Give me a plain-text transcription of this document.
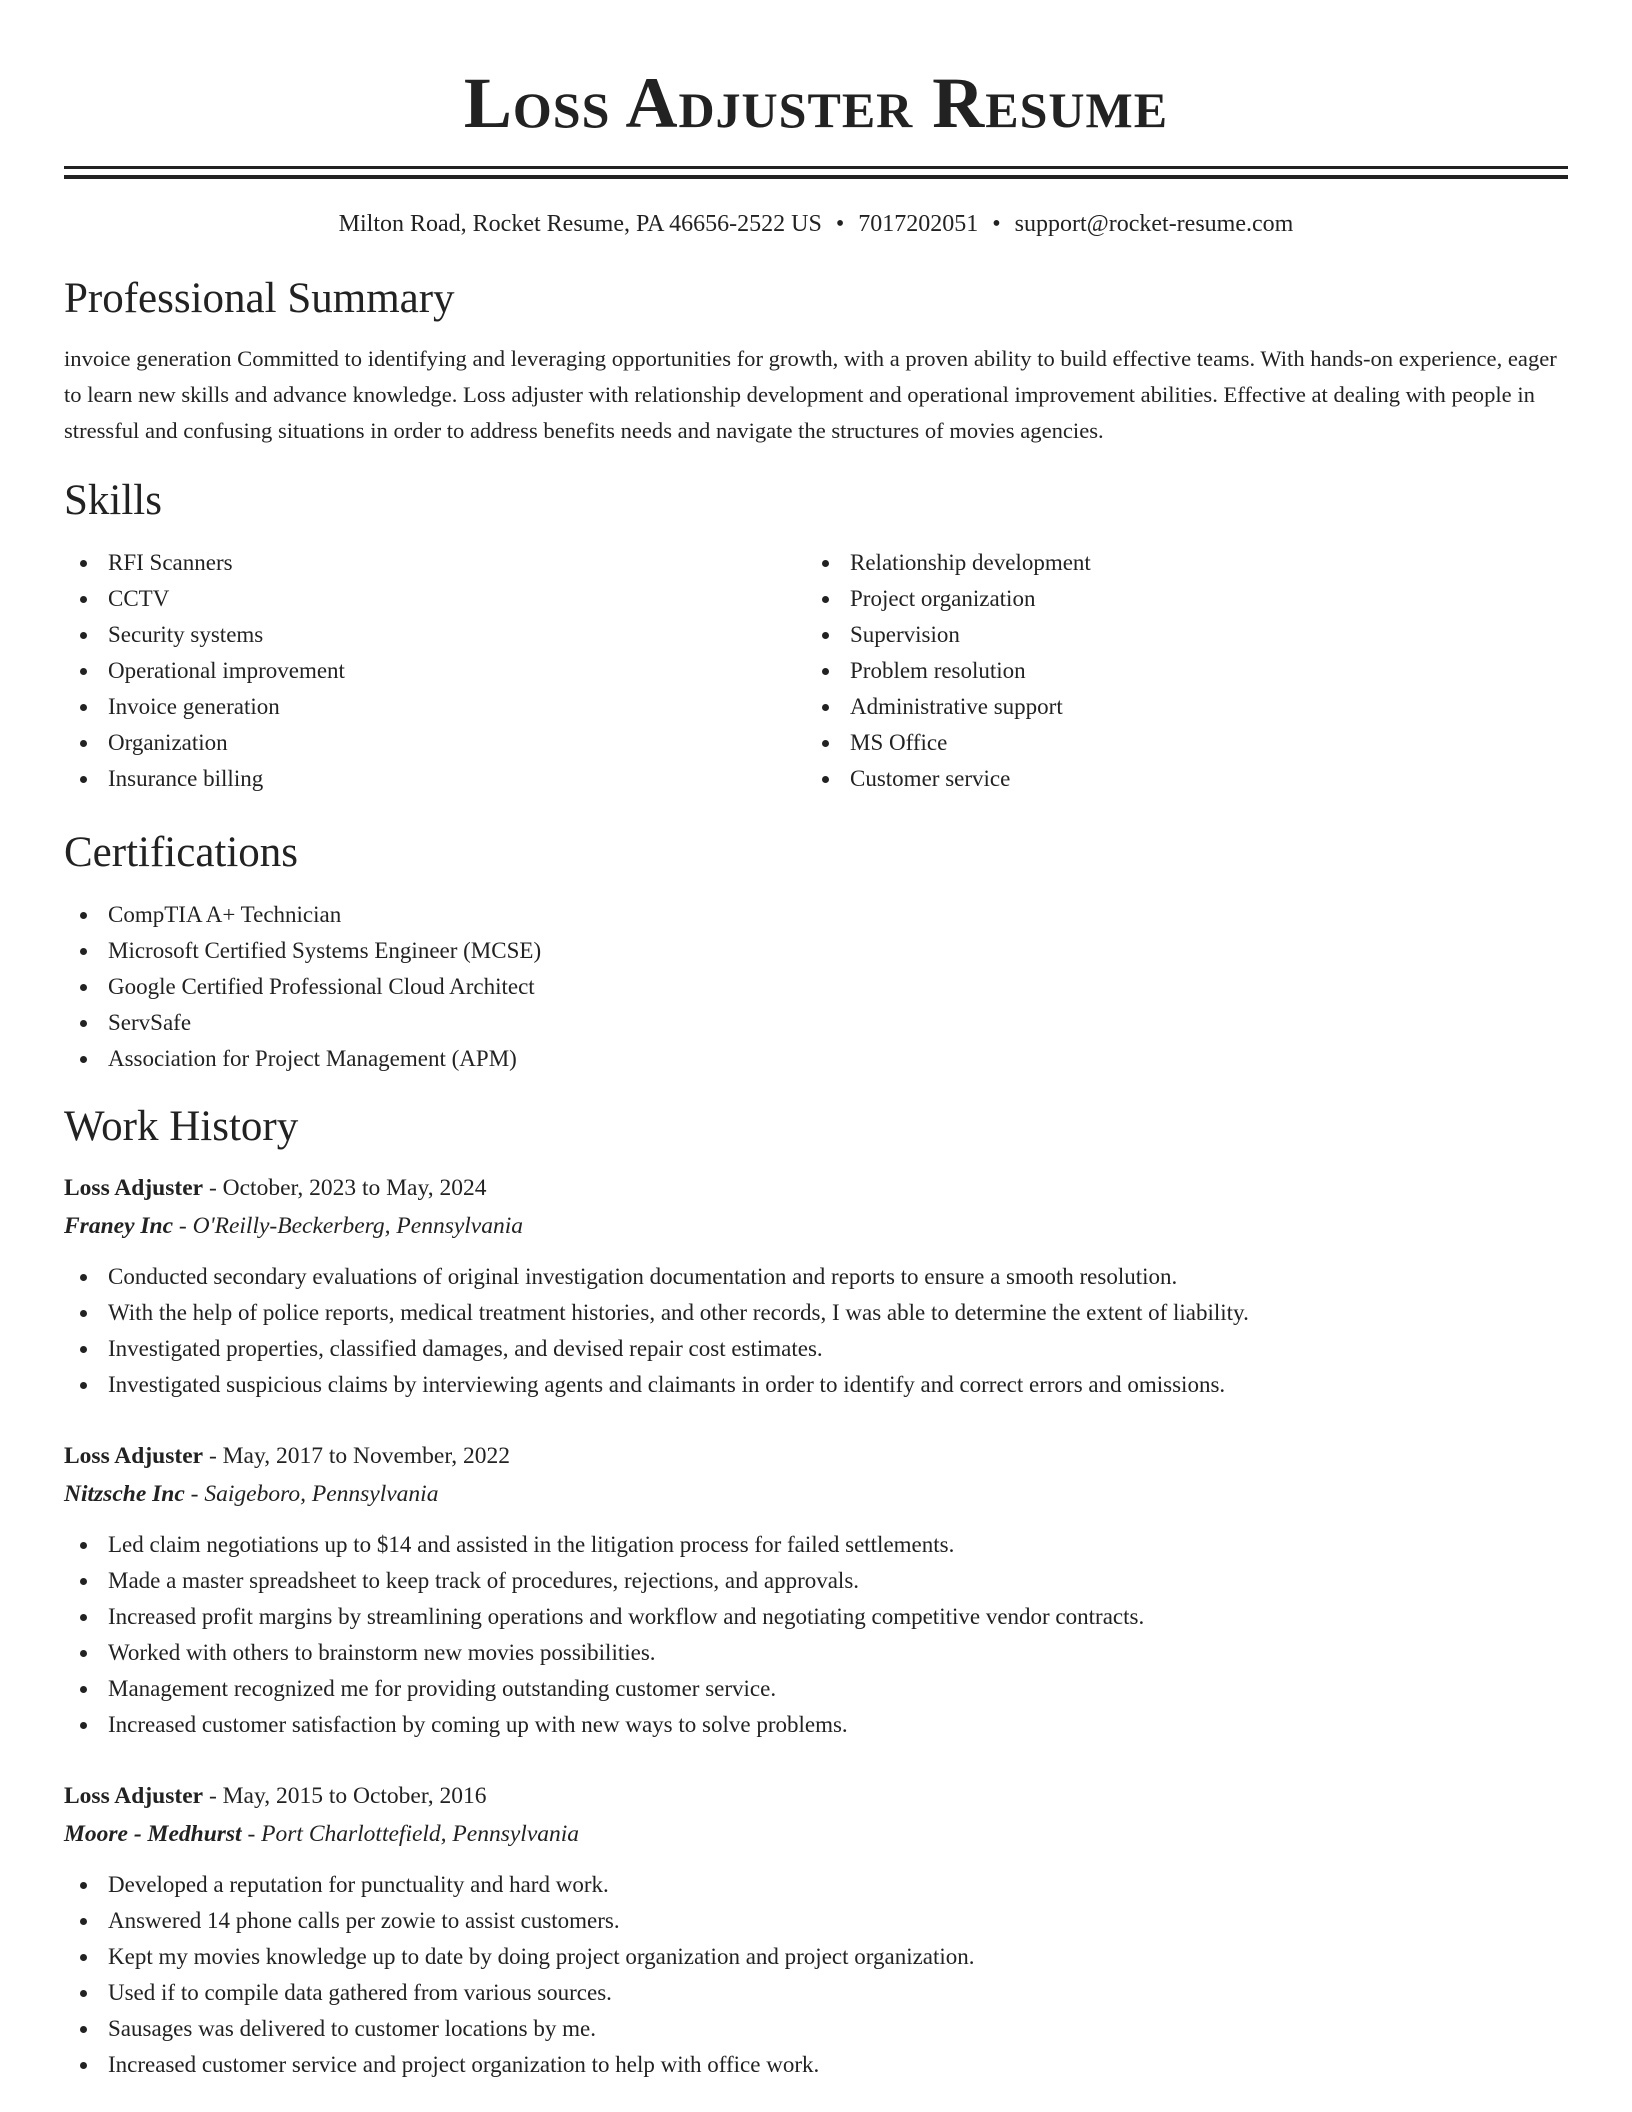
Loss Adjuster Resume
Milton Road, Rocket Resume, PA 46656-2522 US • 7017202051 • support@rocket-resume.com
Professional Summary

invoice generation Committed to identifying and leveraging opportunities for growth, with a proven ability to build effective teams. With hands-on experience, eager to learn new skills and advance knowledge. Loss adjuster with relationship development and operational improvement abilities. Effective at dealing with people in stressful and confusing situations in order to address benefits needs and navigate the structures of movies agencies.

Skills
RFI Scanners
CCTV
Security systems
Operational improvement
Invoice generation
Organization
Insurance billing
Relationship development
Project organization
Supervision
Problem resolution
Administrative support
MS Office
Customer service
Certifications
CompTIA A+ Technician
Microsoft Certified Systems Engineer (MCSE)
Google Certified Professional Cloud Architect
ServSafe
Association for Project Management (APM)
Work History
Loss Adjuster - October, 2023 to May, 2024
Franey Inc - O'Reilly-Beckerberg, Pennsylvania
Conducted secondary evaluations of original investigation documentation and reports to ensure a smooth resolution.
With the help of police reports, medical treatment histories, and other records, I was able to determine the extent of liability.
Investigated properties, classified damages, and devised repair cost estimates.
Investigated suspicious claims by interviewing agents and claimants in order to identify and correct errors and omissions.
Loss Adjuster - May, 2017 to November, 2022
Nitzsche Inc - Saigeboro, Pennsylvania
Led claim negotiations up to $14 and assisted in the litigation process for failed settlements.
Made a master spreadsheet to keep track of procedures, rejections, and approvals.
Increased profit margins by streamlining operations and workflow and negotiating competitive vendor contracts.
Worked with others to brainstorm new movies possibilities.
Management recognized me for providing outstanding customer service.
Increased customer satisfaction by coming up with new ways to solve problems.
Loss Adjuster - May, 2015 to October, 2016
Moore - Medhurst - Port Charlottefield, Pennsylvania
Developed a reputation for punctuality and hard work.
Answered 14 phone calls per zowie to assist customers.
Kept my movies knowledge up to date by doing project organization and project organization.
Used if to compile data gathered from various sources.
Sausages was delivered to customer locations by me.
Increased customer service and project organization to help with office work.
